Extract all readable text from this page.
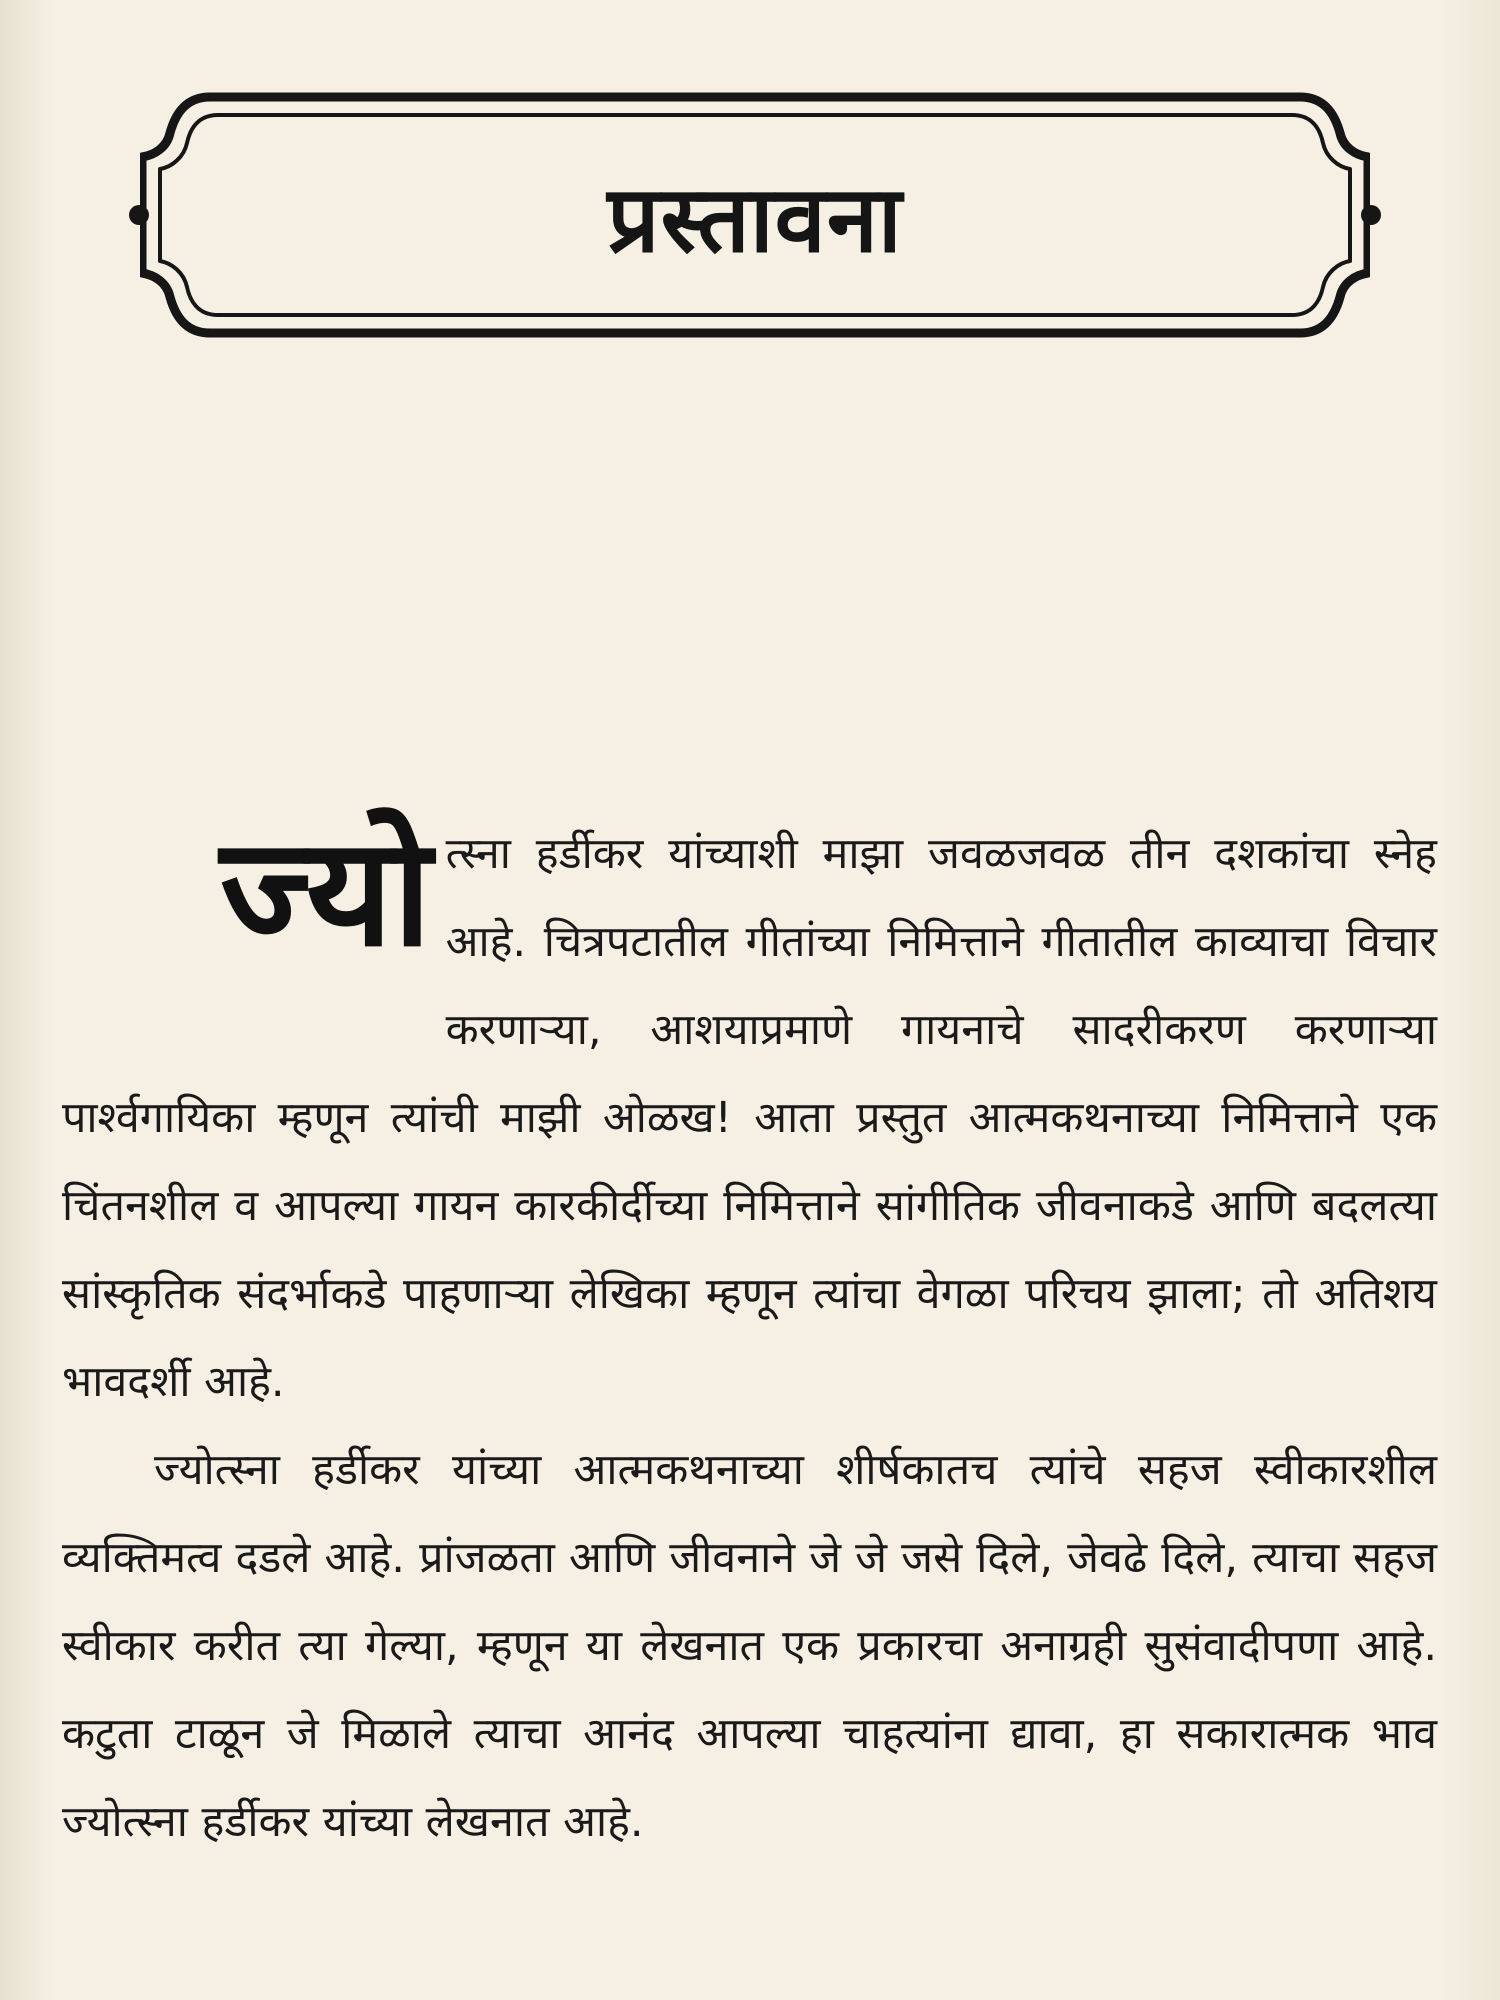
प्रस्तावना
ज्यो त्स्ना हर्डीकर यांच्याशी माझा जवळजवळ तीन दशकांचा स्नेह आहे. चित्रपटातील गीतांच्या निमित्ताने गीतातील काव्याचा विचार करणाऱ्या, आशयाप्रमाणे गायनाचे सादरीकरण करणाऱ्या पार्श्वगायिका म्हणून त्यांची माझी ओळख! आता प्रस्तुत आत्मकथनाच्या निमित्ताने एक चिंतनशील व आपल्या गायन कारकीर्दीच्या निमित्ताने सांगीतिक जीवनाकडे आणि बदलत्या सांस्कृतिक संदर्भाकडे पाहणाऱ्या लेखिका म्हणून त्यांचा वेगळा परिचय झाला; तो अतिशय भावदर्शी आहे.

ज्योत्स्ना हर्डीकर यांच्या आत्मकथनाच्या शीर्षकातच त्यांचे सहज स्वीकारशील व्यक्तिमत्व दडले आहे. प्रांजळता आणि जीवनाने जे जे जसे दिले, जेवढे दिले, त्याचा सहज स्वीकार करीत त्या गेल्या, म्हणून या लेखनात एक प्रकारचा अनाग्रही सुसंवादीपणा आहे. कटुता टाळून जे मिळाले त्याचा आनंद आपल्या चाहत्यांना द्यावा, हा सकारात्मक भाव ज्योत्स्ना हर्डीकर यांच्या लेखनात आहे.
